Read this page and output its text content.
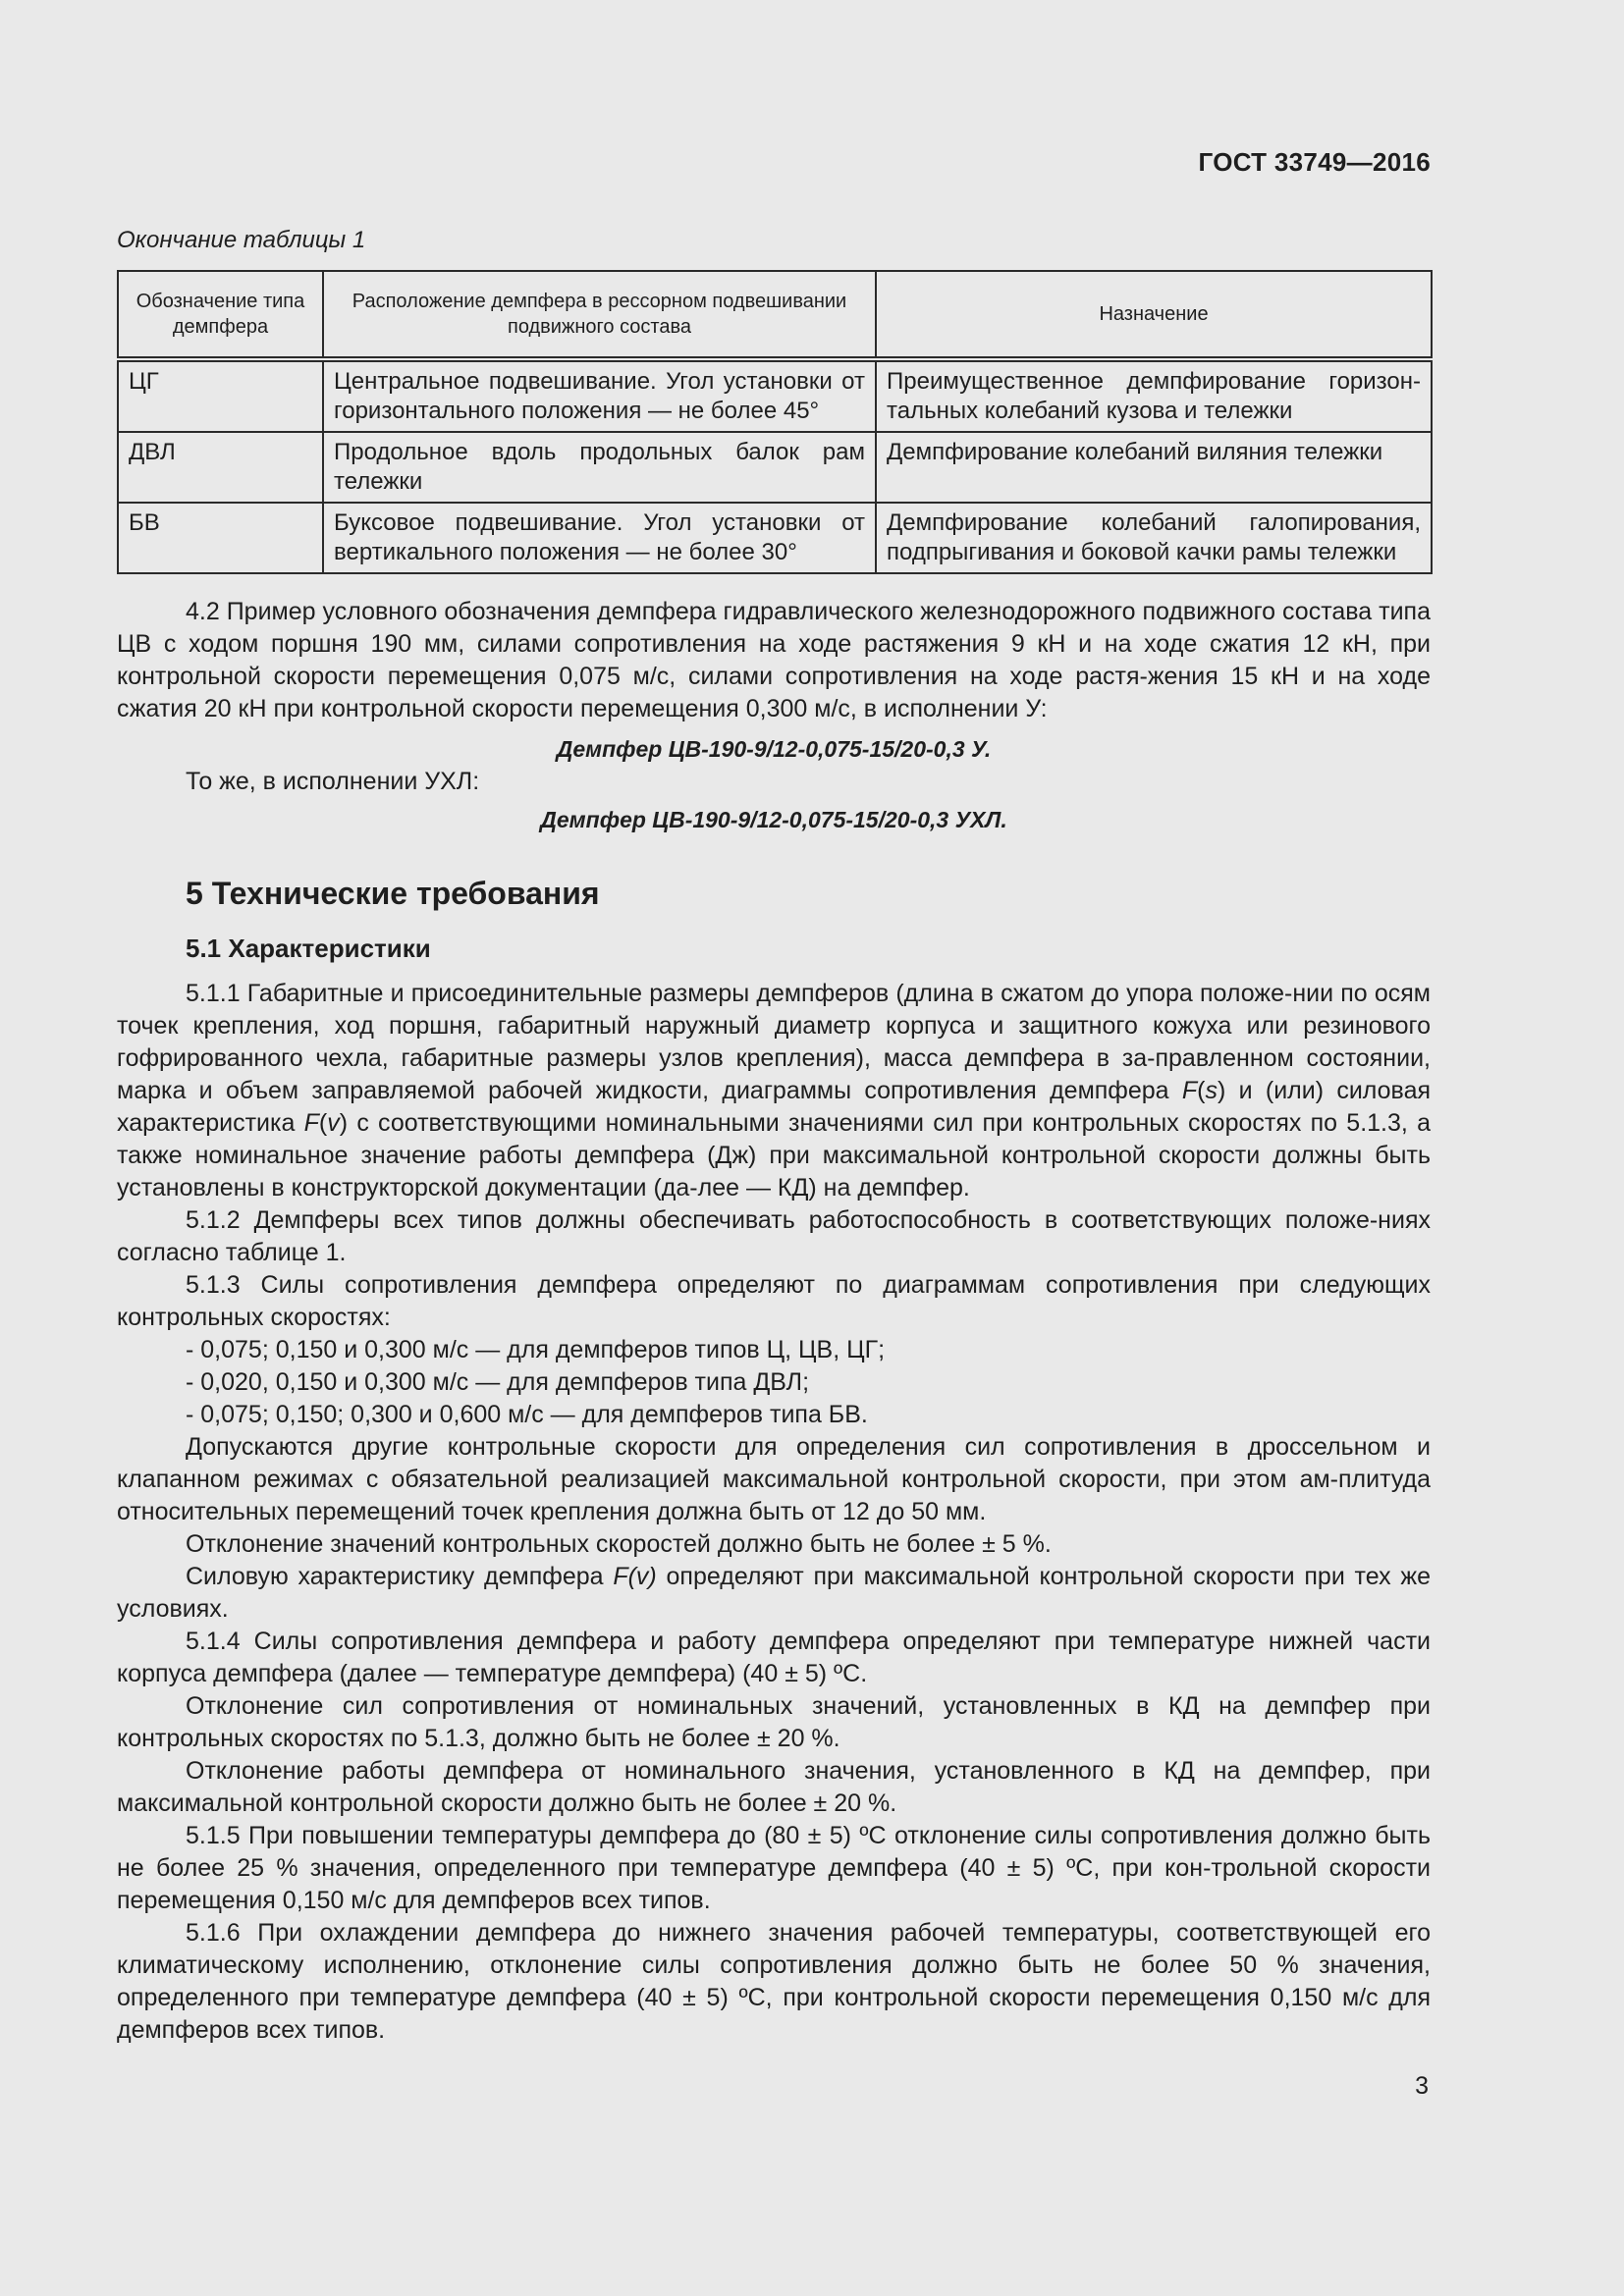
ГОСТ 33749—2016
Окончание таблицы 1
Обозначение типа демпфера	Расположение демпфера в рессорном подвешивании подвижного состава	Назначение
ЦГ	Центральное подвешивание. Угол установки от горизонтального положения — не более 45°	Преимущественное демпфирование горизон-тальных колебаний кузова и тележки
ДВЛ	Продольное вдоль продольных балок рам тележки	Демпфирование колебаний виляния тележки
БВ	Буксовое подвешивание. Угол установки от вертикального положения — не более 30°	Демпфирование колебаний галопирования, подпрыгивания и боковой качки рамы тележки

4.2 Пример условного обозначения демпфера гидравлического железнодорожного подвижного состава типа ЦВ с ходом поршня 190 мм, силами сопротивления на ходе растяжения 9 кН и на ходе сжатия 12 кН, при контрольной скорости перемещения 0,075 м/с, силами сопротивления на ходе растя-жения 15 кН и на ходе сжатия 20 кН при контрольной скорости перемещения 0,300 м/с, в исполнении У:

Демпфер ЦВ-190-9/12-0,075-15/20-0,3 У.

То же, в исполнении УХЛ:

Демпфер ЦВ-190-9/12-0,075-15/20-0,3 УХЛ.

5 Технические требования
5.1 Характеристики

5.1.1 Габаритные и присоединительные размеры демпферов (длина в сжатом до упора положе-нии по осям точек крепления, ход поршня, габаритный наружный диаметр корпуса и защитного кожуха или резинового гофрированного чехла, габаритные размеры узлов крепления), масса демпфера в за-правленном состоянии, марка и объем заправляемой рабочей жидкости, диаграммы сопротивления демпфера F(s) и (или) силовая характеристика F(v) с соответствующими номинальными значениями сил при контрольных скоростях по 5.1.3, а также номинальное значение работы демпфера (Дж) при максимальной контрольной скорости должны быть установлены в конструкторской документации (да-лее — КД) на демпфер.

5.1.2 Демпферы всех типов должны обеспечивать работоспособность в соответствующих положе-ниях согласно таблице 1.

5.1.3 Силы сопротивления демпфера определяют по диаграммам сопротивления при следующих контрольных скоростях:

- 0,075; 0,150 и 0,300 м/с — для демпферов типов Ц, ЦВ, ЦГ;

- 0,020, 0,150 и 0,300 м/с — для демпферов типа ДВЛ;

- 0,075; 0,150; 0,300 и 0,600 м/с — для демпферов типа БВ.

Допускаются другие контрольные скорости для определения сил сопротивления в дроссельном и клапанном режимах с обязательной реализацией максимальной контрольной скорости, при этом ам-плитуда относительных перемещений точек крепления должна быть от 12 до 50 мм.

Отклонение значений контрольных скоростей должно быть не более ± 5 %.

Силовую характеристику демпфера F(v) определяют при максимальной контрольной скорости при тех же условиях.

5.1.4 Силы сопротивления демпфера и работу демпфера определяют при температуре нижней части корпуса демпфера (далее — температуре демпфера) (40 ± 5) ºС.

Отклонение сил сопротивления от номинальных значений, установленных в КД на демпфер при контрольных скоростях по 5.1.3, должно быть не более ± 20 %.

Отклонение работы демпфера от номинального значения, установленного в КД на демпфер, при максимальной контрольной скорости должно быть не более ± 20 %.

5.1.5 При повышении температуры демпфера до (80 ± 5) ºС отклонение силы сопротивления должно быть не более 25 % значения, определенного при температуре демпфера (40 ± 5) ºС, при кон-трольной скорости перемещения 0,150 м/с для демпферов всех типов.

5.1.6 При охлаждении демпфера до нижнего значения рабочей температуры, соответствующей его климатическому исполнению, отклонение силы сопротивления должно быть не более 50 % значения, определенного при температуре демпфера (40 ± 5) ºС, при контрольной скорости перемещения 0,150 м/с для демпферов всех типов.

3
